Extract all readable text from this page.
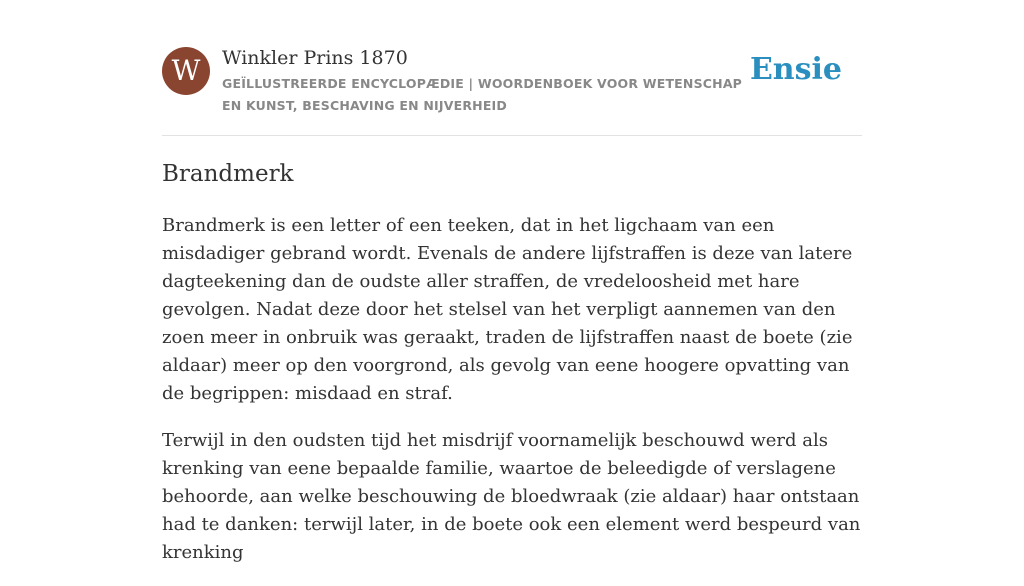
W	Winkler Prins 1870
GEÏLLUSTREERDE ENCYCLOPÆDIE | WOORDENBOEK VOOR WETENSCHAP EN KUNST, BESCHAVING EN NIJVERHEID
Ensie
Brandmerk

Brandmerk is een letter of een teeken, dat in het ligchaam van een misdadiger gebrand wordt. Evenals de andere lijfstraffen is deze van latere dagteekening dan de oudste aller straffen, de vredeloosheid met hare gevolgen. Nadat deze door het stelsel van het verpligt aannemen van den zoen meer in onbruik was geraakt, traden de lijfstraffen naast de boete (zie aldaar) meer op den voorgrond, als gevolg van eene hoogere opvatting van de begrippen: misdaad en straf.

Terwijl in den oudsten tijd het misdrijf voornamelijk beschouwd werd als krenking van eene bepaalde familie, waartoe de beleedigde of verslagene behoorde, aan welke beschouwing de bloedwraak (zie aldaar) haar ontstaan had te danken: terwijl later, in de boete ook een element werd bespeurd van krenking
